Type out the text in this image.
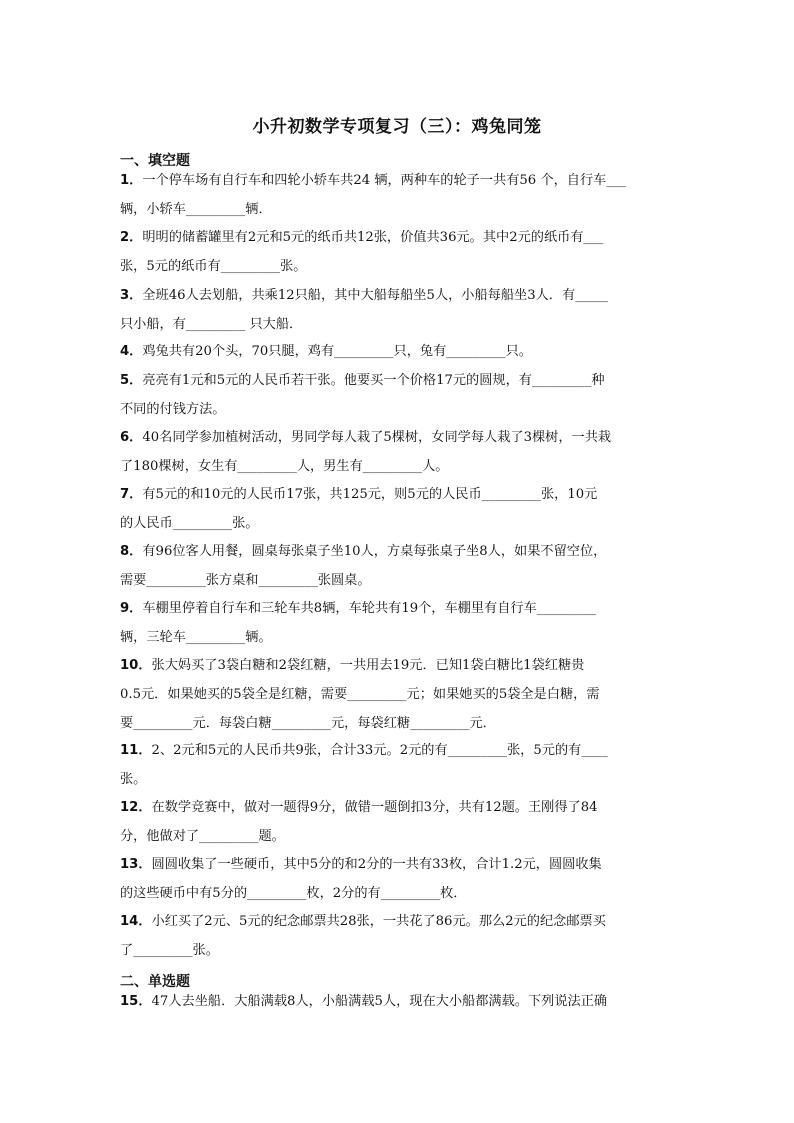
小升初数学专项复习（三）：鸡兔同笼
一、填空题
1．一个停车场有自行车和四轮小轿车共24 辆，两种车的轮子一共有56 个，自行车___
辆，小轿车_________辆．
2．明明的储蓄罐里有2元和5元的纸币共12张，价值共36元。其中2元的纸币有___
张，5元的纸币有_________张。
3．全班46人去划船，共乘12只船，其中大船每船坐5人，小船每船坐3人．有_____
只小船，有_________ 只大船．
4．鸡兔共有20个头，70只腿，鸡有_________只，兔有_________只。
5．亮亮有1元和5元的人民币若干张。他要买一个价格17元的圆规，有_________种
不同的付钱方法。
6．40名同学参加植树活动，男同学每人栽了5棵树，女同学每人栽了3棵树，一共栽
了180棵树，女生有_________人，男生有_________人。
7．有5元的和10元的人民币17张，共125元，则5元的人民币_________张，10元
的人民币_________张。
8．有96位客人用餐，圆桌每张桌子坐10人，方桌每张桌子坐8人，如果不留空位，
需要_________张方桌和_________张圆桌。
9．车棚里停着自行车和三轮车共8辆，车轮共有19个，车棚里有自行车_________
辆，三轮车_________辆。
10．张大妈买了3袋白糖和2袋红糖，一共用去19元．已知1袋白糖比1袋红糖贵
0.5元．如果她买的5袋全是红糖，需要_________元；如果她买的5袋全是白糖，需
要_________元．每袋白糖_________元，每袋红糖_________元．
11．2、2元和5元的人民币共9张，合计33元。2元的有_________张，5元的有____
张。
12．在数学竞赛中，做对一题得9分，做错一题倒扣3分，共有12题。王刚得了84
分，他做对了_________题。
13．圆圆收集了一些硬币，其中5分的和2分的一共有33枚，合计1.2元，圆圆收集
的这些硬币中有5分的_________枚，2分的有_________枚．
14．小红买了2元、5元的纪念邮票共28张，一共花了86元。那么2元的纪念邮票买
了_________张。
二、单选题
15．47人去坐船．大船满载8人，小船满载5人，现在大小船都满载。下列说法正确
